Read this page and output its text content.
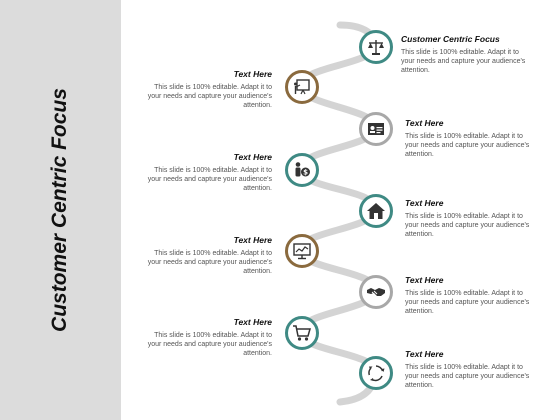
Customer Centric Focus	$
Customer Centric Focus
This slide is 100% editable. Adapt it to your needs and capture your audience's attention.
Text Here
This slide is 100% editable. Adapt it to your needs and capture your audience's attention.
Text Here
This slide is 100% editable. Adapt it to your needs and capture your audience's attention.
Text Here
This slide is 100% editable. Adapt it to your needs and capture your audience's attention.
Text Here
This slide is 100% editable. Adapt it to your needs and capture your audience's attention.
Text Here
This slide is 100% editable. Adapt it to your needs and capture your audience's attention.
Text Here
This slide is 100% editable. Adapt it to your needs and capture your audience's attention.
Text Here
This slide is 100% editable. Adapt it to your needs and capture your audience's attention.
Text Here
This slide is 100% editable. Adapt it to your needs and capture your audience's attention.
